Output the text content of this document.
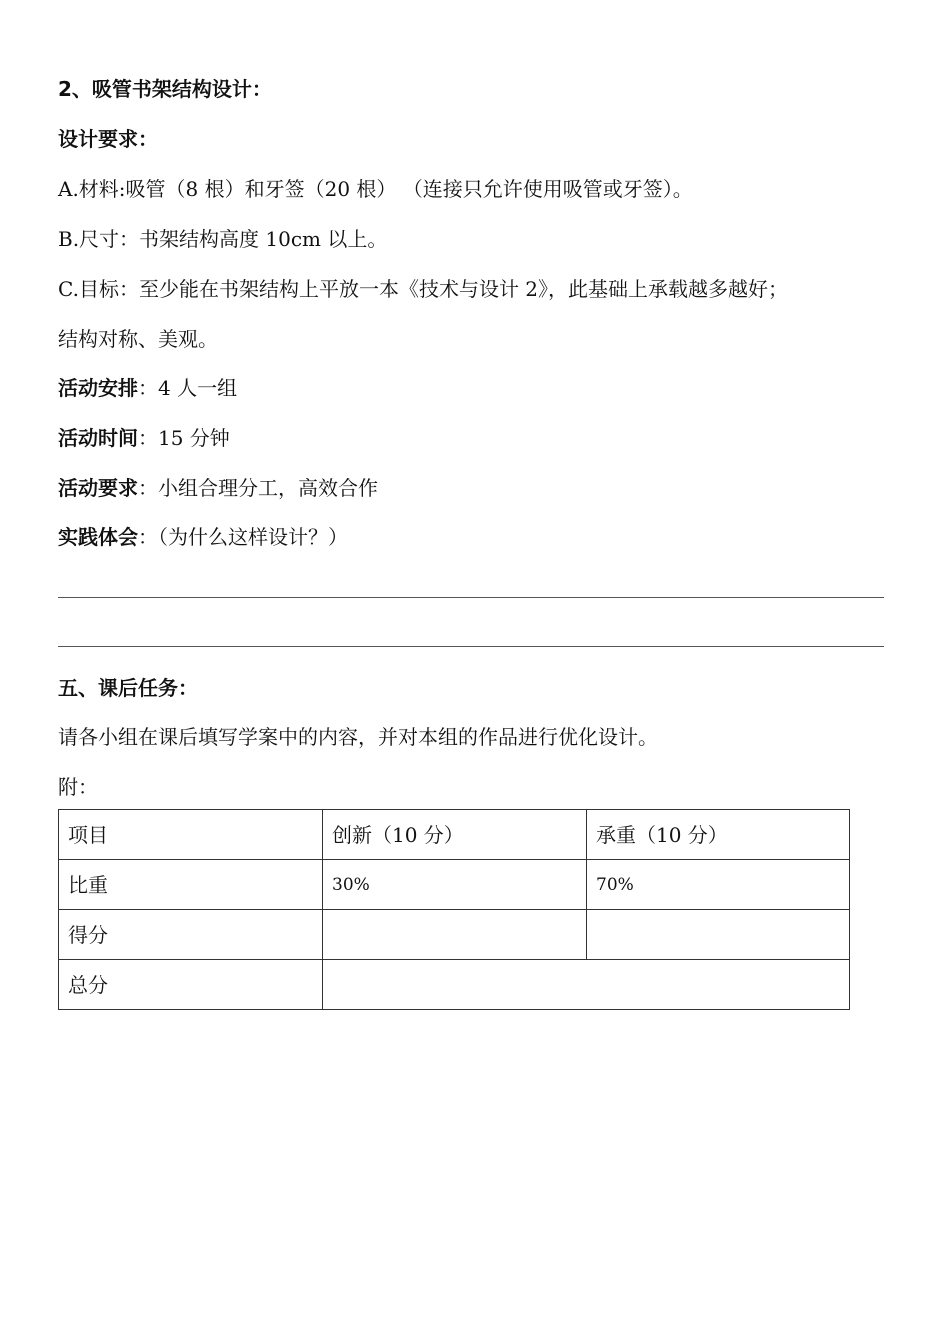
2、吸管书架结构设计：
设计要求：
A.材料:吸管（8 根）和牙签（20 根） （连接只允许使用吸管或牙签）。
B.尺寸：书架结构高度 10cm 以上。
C.目标：至少能在书架结构上平放一本《技术与设计 2》，此基础上承载越多越好；
结构对称、美观。
活动安排：4 人一组
活动时间：15 分钟
活动要求：小组合理分工，高效合作
实践体会：（为什么这样设计？）
五、课后任务：
请各小组在课后填写学案中的内容，并对本组的作品进行优化设计。
附：
项目	创新（10 分）	承重（10 分）
比重	30%	70%
得分		
总分		
